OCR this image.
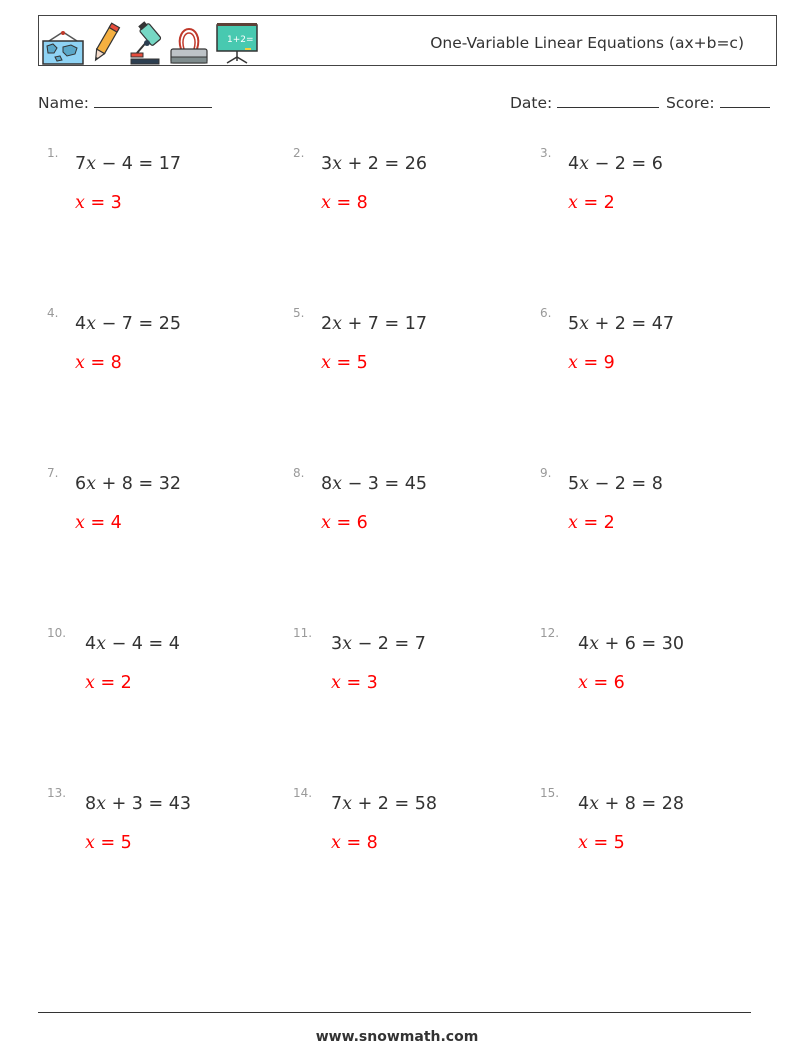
1+2=	One-Variable Linear Equations (ax+b=c)
Name:	Date:	Score:
1.
7x − 4 = 17
x = 3
2.
3x + 2 = 26
x = 8
3.
4x − 2 = 6
x = 2
4.
4x − 7 = 25
x = 8
5.
2x + 7 = 17
x = 5
6.
5x + 2 = 47
x = 9
7.
6x + 8 = 32
x = 4
8.
8x − 3 = 45
x = 6
9.
5x − 2 = 8
x = 2
10.
4x − 4 = 4
x = 2
11.
3x − 2 = 7
x = 3
12.
4x + 6 = 30
x = 6
13.
8x + 3 = 43
x = 5
14.
7x + 2 = 58
x = 8
15.
4x + 8 = 28
x = 5
www.snowmath.com
